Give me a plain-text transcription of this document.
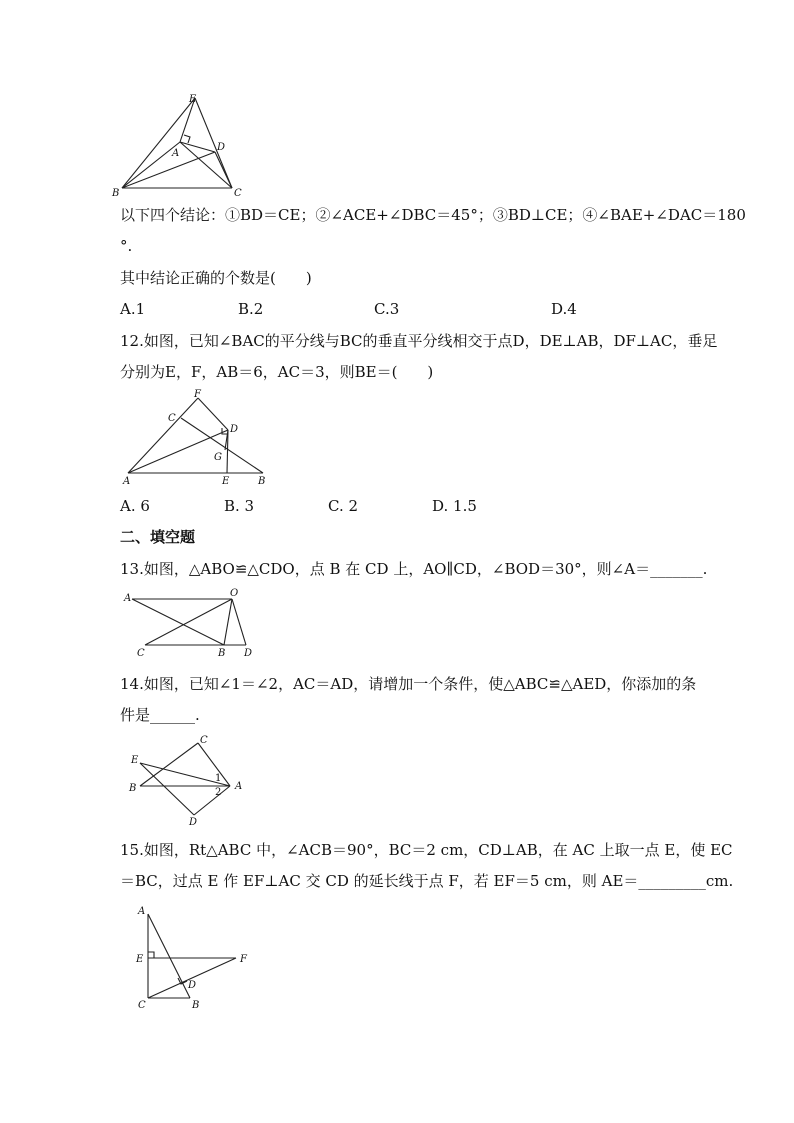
E
A
D
B	C
以下四个结论：①BD＝CE；②∠ACE+∠DBC＝45°；③BD⊥CE；④∠BAE+∠DAC＝180
°.
其中结论正确的个数是(　　)
A.1	B.2	C.3	D.4
12.如图，已知∠BAC的平分线与BC的垂直平分线相交于点D，DE⊥AB，DF⊥AC，垂足
分别为E，F，AB＝6，AC＝3，则BE＝(　　)
F
C
D
G
A	E	B
A. 6	B. 3	C. 2	D. 1.5
二、填空题
13.如图，△ABO≌△CDO，点 B 在 CD 上，AO∥CD，∠BOD＝30°，则∠A＝_______.
A	O
C	B D
14.如图，已知∠1＝∠2，AC＝AD，请增加一个条件，使△ABC≌△AED，你添加的条
件是______.
C
E
B	A
D
1
2
15.如图，Rt△ABC 中，∠ACB＝90°，BC＝2 cm，CD⊥AB，在 AC 上取一点 E，使 EC
＝BC，过点 E 作 EF⊥AC 交 CD 的延长线于点 F，若 EF＝5 cm，则 AE＝_________cm.
A
E	F
D
C	B
